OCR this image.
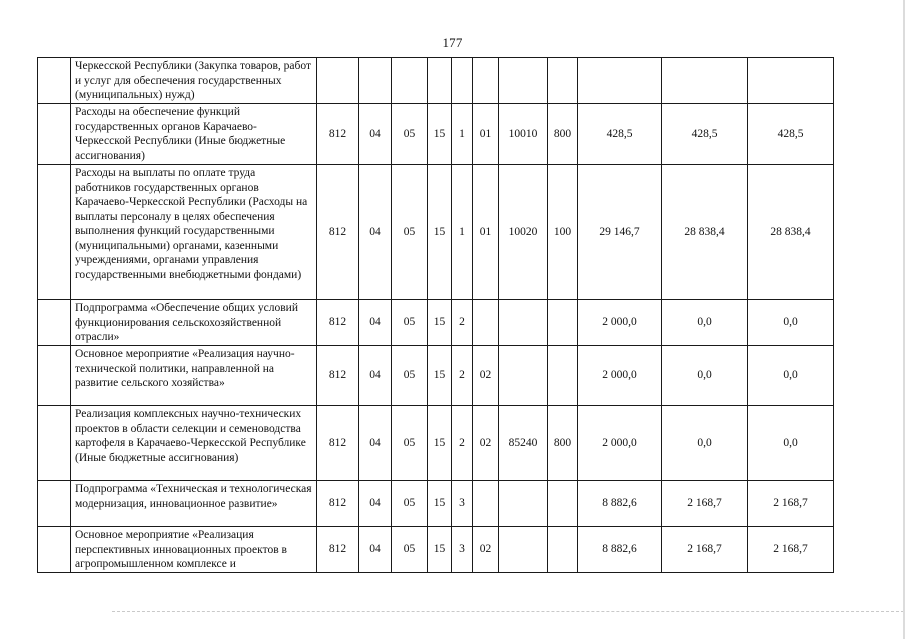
177
	Черкесской Республики (Закупка товаров, работ и услуг для обеспечения государственных (муниципальных) нужд)											
	Расходы на обеспечение функций государственных органов Карачаево-Черкесской Республики (Иные бюджетные ассигнования)	812	04	05	15	1	01	10010	800	428,5	428,5	428,5
	Расходы на выплаты по оплате труда работников государственных органов Карачаево-Черкесской Республики (Расходы на выплаты персоналу в целях обеспечения выполнения функций государственными (муниципальными) органами, казенными учреждениями, органами управления государственными внебюджетными фондами)	812	04	05	15	1	01	10020	100	29 146,7	28 838,4	28 838,4
	Подпрограмма «Обеспечение общих условий функционирования сельскохозяйственной отрасли»	812	04	05	15	2				2 000,0	0,0	0,0
	Основное мероприятие «Реализация научно-технической политики, направленной на развитие сельского хозяйства»	812	04	05	15	2	02			2 000,0	0,0	0,0
	Реализация комплексных научно-технических проектов в области селекции и семеноводства картофеля в Карачаево-Черкесской Республике (Иные бюджетные ассигнования)	812	04	05	15	2	02	85240	800	2 000,0	0,0	0,0
	Подпрограмма «Техническая и технологическая модернизация, инновационное развитие»	812	04	05	15	3				8 882,6	2 168,7	2 168,7
	Основное мероприятие «Реализация перспективных инновационных проектов в агропромышленном комплексе и	812	04	05	15	3	02			8 882,6	2 168,7	2 168,7
